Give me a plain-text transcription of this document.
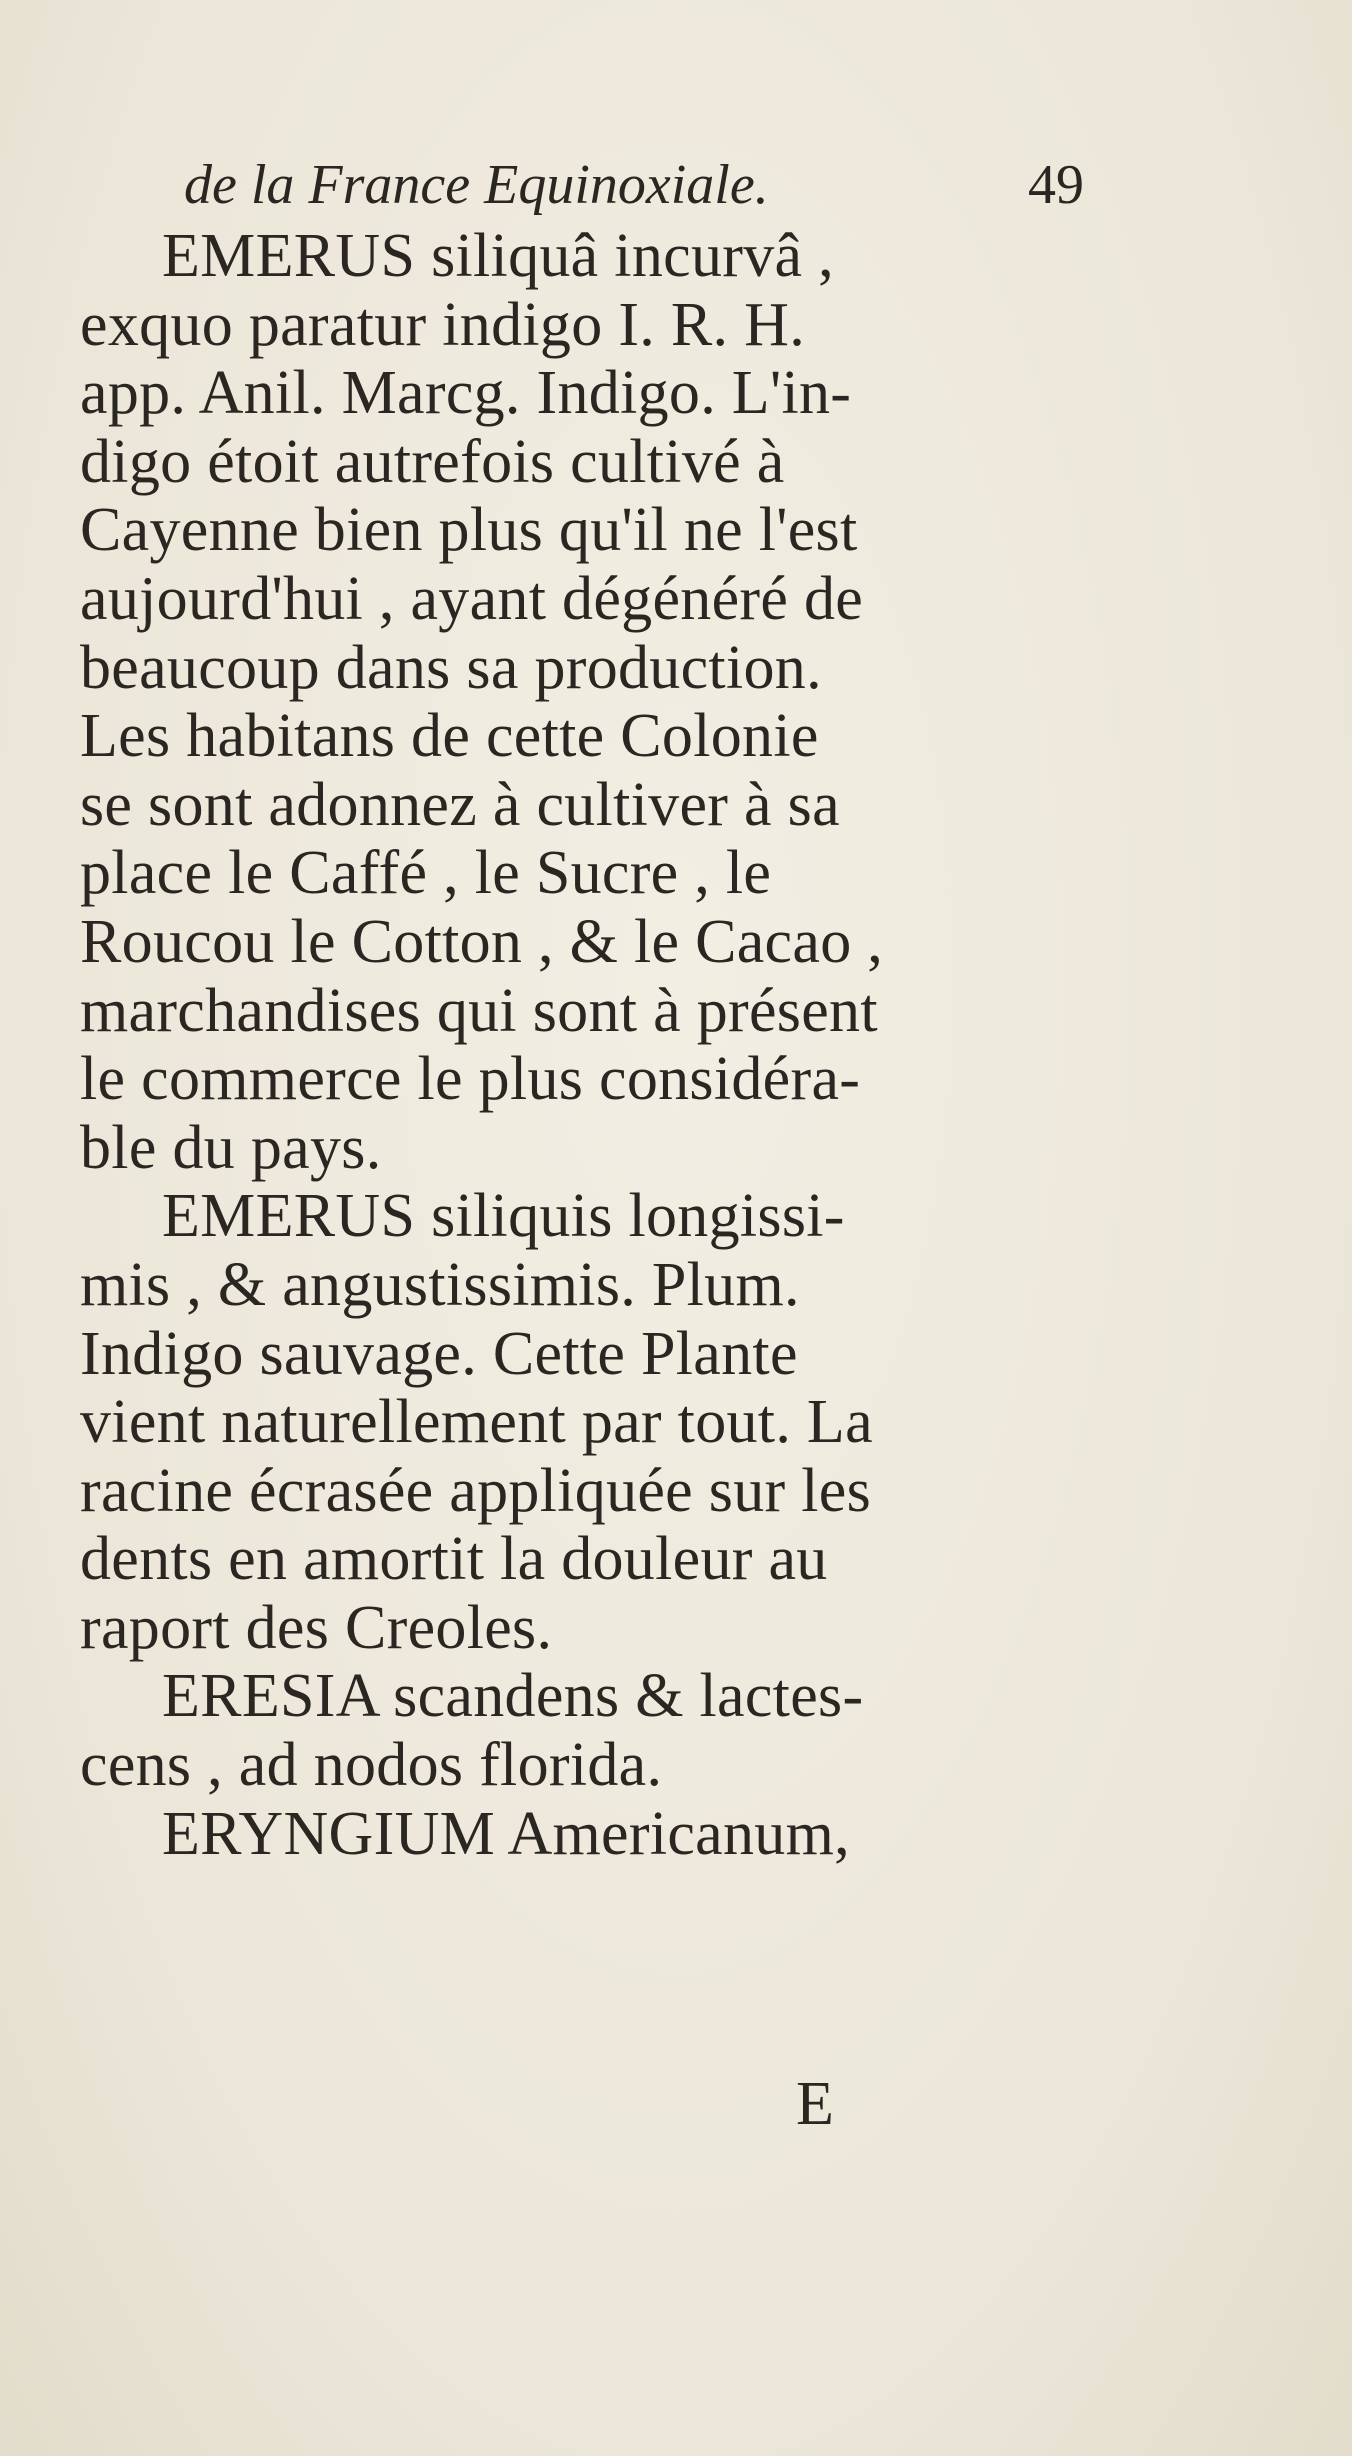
de la France Equinoxiale.	49
EMERUS siliquâ incurvâ ,
exquo paratur indigo I. R. H.
app. Anil. Marcg. Indigo. L'in-
digo étoit autrefois cultivé à
Cayenne bien plus qu'il ne l'est
aujourd'hui , ayant dégénéré de
beaucoup dans sa production.
Les habitans de cette Colonie
se sont adonnez à cultiver à sa
place le Caffé , le Sucre , le
Roucou le Cotton , & le Cacao ,
marchandises qui sont à présent
le commerce le plus considéra-
ble du pays.
EMERUS siliquis longissi-
mis , & angustissimis. Plum.
Indigo sauvage. Cette Plante
vient naturellement par tout. La
racine écrasée appliquée sur les
dents en amortit la douleur au
raport des Creoles.
ERESIA scandens & lactes-
cens , ad nodos florida.
ERYNGIUM Americanum,
E
